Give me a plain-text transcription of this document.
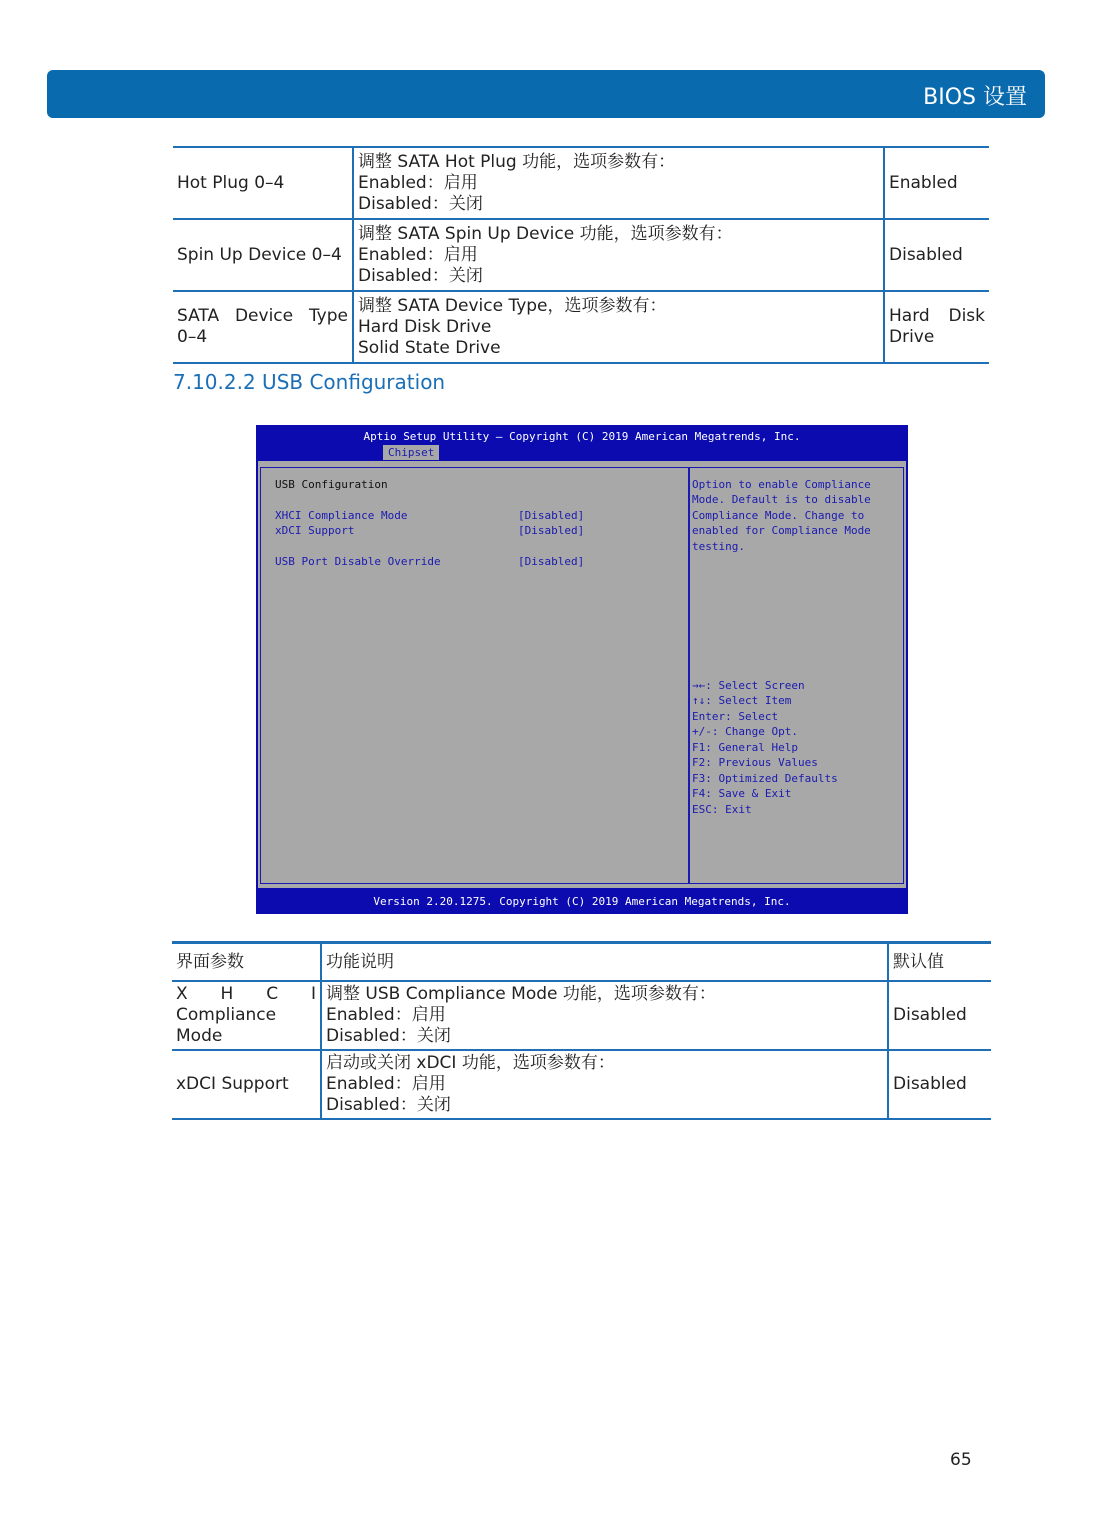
BIOS 设置
Hot Plug 0–4	调整 SATA Hot Plug 功能，选项参数有：
Enabled：启用
Disabled：关闭	Enabled
Spin Up Device 0–4	调整 SATA Spin Up Device 功能，选项参数有：
Enabled：启用
Disabled：关闭	Disabled

SATA Device Type
0–4	调整 SATA Device Type，选项参数有：
Hard Disk Drive
Solid State Drive	Hard Disk
Drive
7.10.2.2 USB Configuration
Aptio Setup Utility – Copyright (C) 2019 American Megatrends, Inc.
Chipset
USB Configuration
XHCI Compliance Mode	[Disabled]
xDCI Support	[Disabled]
USB Port Disable Override	[Disabled]
Option to enable Compliance
Mode. Default is to disable
Compliance Mode. Change to
enabled for Compliance Mode
testing.
→←: Select Screen
↑↓: Select Item
Enter: Select
+/-: Change Opt.
F1: General Help
F2: Previous Values
F3: Optimized Defaults
F4: Save & Exit
ESC: Exit
Version 2.20.1275. Copyright (C) 2019 American Megatrends, Inc.
界面参数	功能说明	默认值

X H C I
Compliance
Mode	调整 USB Compliance Mode 功能，选项参数有：
Enabled：启用
Disabled：关闭	Disabled
xDCI Support	启动或关闭 xDCI 功能，选项参数有：
Enabled：启用
Disabled：关闭	Disabled
65
